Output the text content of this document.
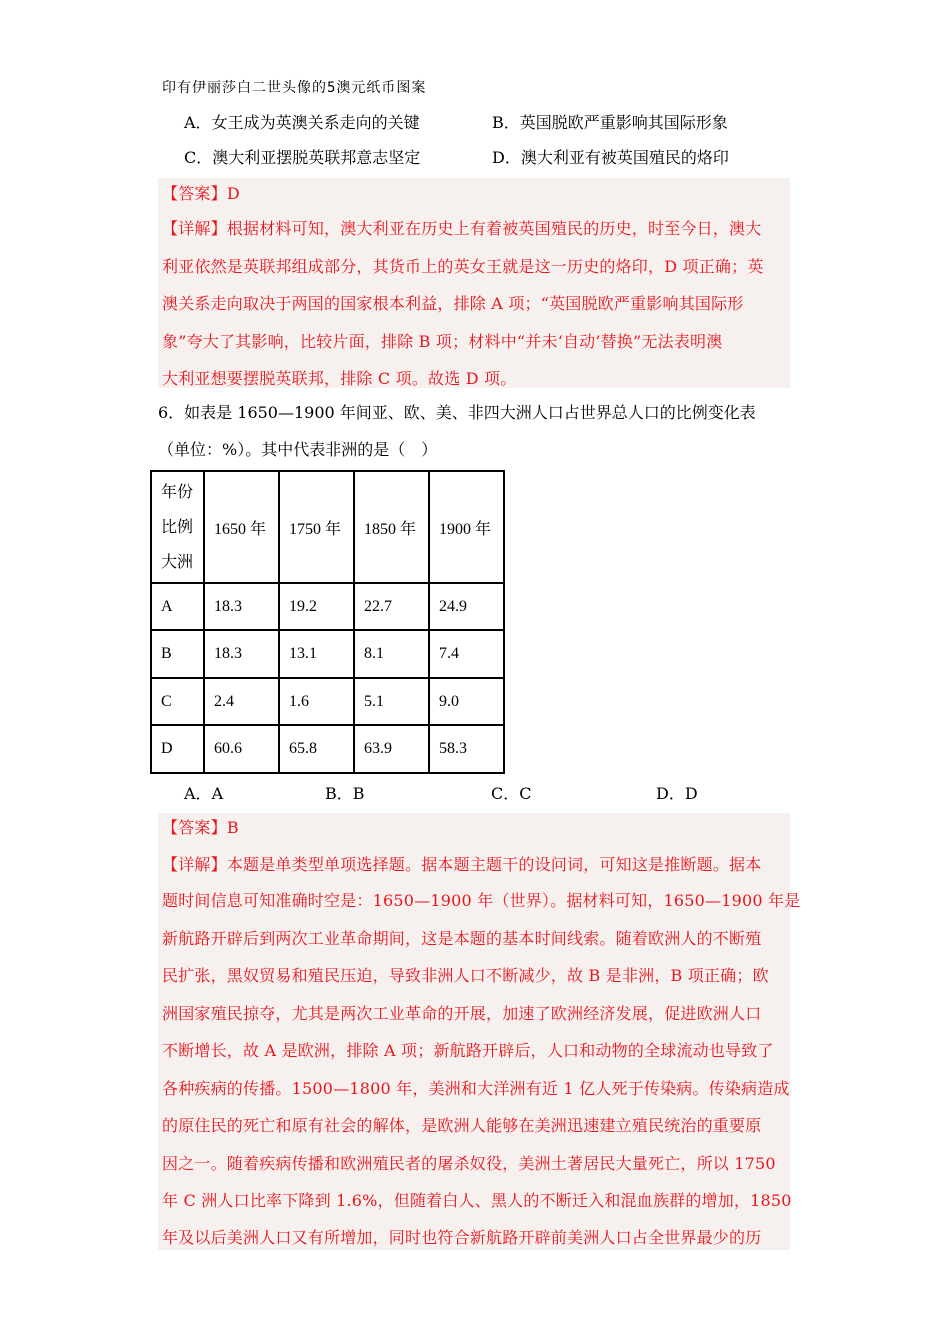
印有伊丽莎白二世头像的5澳元纸币图案
A．女王成为英澳关系走向的关键	B．英国脱欧严重影响其国际形象
C．澳大利亚摆脱英联邦意志坚定	D．澳大利亚有被英国殖民的烙印
【答案】D
【详解】根据材料可知，澳大利亚在历史上有着被英国殖民的历史，时至今日，澳大
利亚依然是英联邦组成部分，其货币上的英女王就是这一历史的烙印，D 项正确；英
澳关系走向取决于两国的国家根本利益，排除 A 项；“英国脱欧严重影响其国际形
象”夸大了其影响，比较片面，排除 B 项；材料中“并未‘自动’替换”无法表明澳
大利亚想要摆脱英联邦，排除 C 项。故选 D 项。
6．如表是 1650—1900 年间亚、欧、美、非四大洲人口占世界总人口的比例变化表
（单位：%）。其中代表非洲的是（　）
年份
比例
大洲	1650 年	1750 年	1850 年	1900 年
A	18.3	19.2	22.7	24.9
B	18.3	13.1	8.1	7.4
C	2.4	1.6	5.1	9.0
D	60.6	65.8	63.9	58.3
A．A	B．B	C．C	D．D
【答案】B
【详解】本题是单类型单项选择题。据本题主题干的设问词，可知这是推断题。据本
题时间信息可知准确时空是：1650—1900 年（世界）。据材料可知，1650—1900 年是
新航路开辟后到两次工业革命期间，这是本题的基本时间线索。随着欧洲人的不断殖
民扩张，黑奴贸易和殖民压迫，导致非洲人口不断减少，故 B 是非洲，B 项正确；欧
洲国家殖民掠夺，尤其是两次工业革命的开展，加速了欧洲经济发展，促进欧洲人口
不断增长，故 A 是欧洲，排除 A 项；新航路开辟后，人口和动物的全球流动也导致了
各种疾病的传播。1500—1800 年，美洲和大洋洲有近 1 亿人死于传染病。传染病造成
的原住民的死亡和原有社会的解体，是欧洲人能够在美洲迅速建立殖民统治的重要原
因之一。随着疾病传播和欧洲殖民者的屠杀奴役，美洲土著居民大量死亡，所以 1750
年 C 洲人口比率下降到 1.6%，但随着白人、黑人的不断迁入和混血族群的增加，1850
年及以后美洲人口又有所增加，同时也符合新航路开辟前美洲人口占全世界最少的历
